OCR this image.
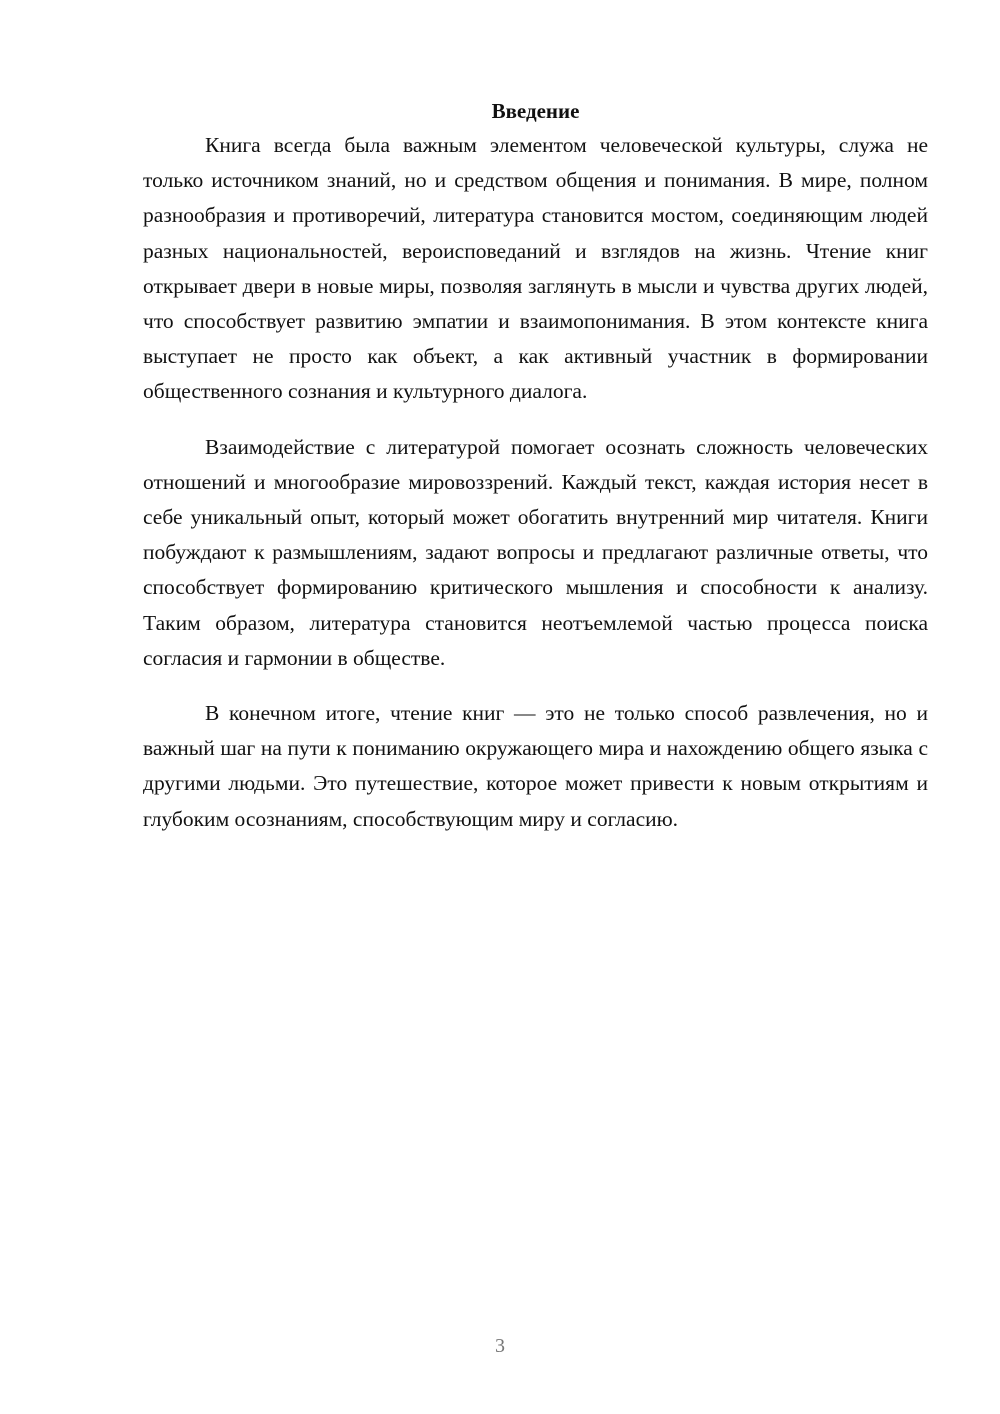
Введение

Книга всегда была важным элементом человеческой культуры, служа не только источником знаний, но и средством общения и понимания. В мире, полном разнообразия и противоречий, литература становится мостом, соединяющим людей разных национальностей, вероисповеданий и взглядов на жизнь. Чтение книг открывает двери в новые миры, позволяя заглянуть в мысли и чувства других людей, что способствует развитию эмпатии и взаимопонимания. В этом контексте книга выступает не просто как объект, а как активный участник в формировании общественного сознания и культурного диалога.

Взаимодействие с литературой помогает осознать сложность человеческих отношений и многообразие мировоззрений. Каждый текст, каждая история несет в себе уникальный опыт, который может обогатить внутренний мир читателя. Книги побуждают к размышлениям, задают вопросы и предлагают различные ответы, что способствует формированию критического мышления и способности к анализу. Таким образом, литература становится неотъемлемой частью процесса поиска согласия и гармонии в обществе.

В конечном итоге, чтение книг — это не только способ развлечения, но и важный шаг на пути к пониманию окружающего мира и нахождению общего языка с другими людьми. Это путешествие, которое может привести к новым открытиям и глубоким осознаниям, способствующим миру и согласию.

3
